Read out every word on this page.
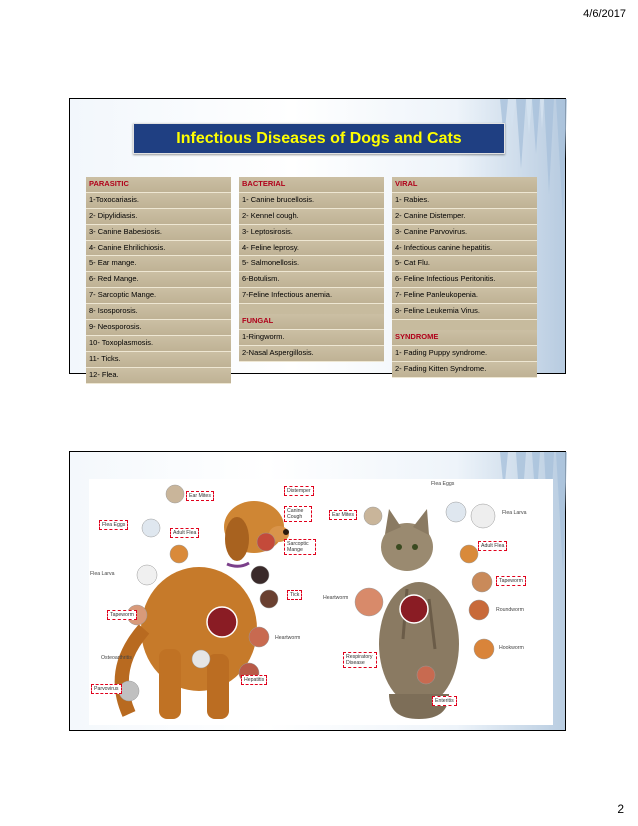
4/6/2017
Infectious Diseases of Dogs and Cats
PARASITIC
1-Toxocariasis.
2- Dipylidiasis.
3- Canine Babesiosis.
4- Canine Ehrilichiosis.
5- Ear mange.
6- Red Mange.
7- Sarcoptic Mange.
8- Isosporosis.
9- Neosporosis.
10- Toxoplasmosis.
11- Ticks.
12- Flea.
BACTERIAL
1- Canine brucellosis.
2- Kennel cough.
3- Leptosirosis.
4- Feline leprosy.
5- Salmonellosis.
6-Botulism.
7-Feline Infectious anemia.
FUNGAL
1-Ringworm.
2-Nasal Aspergillosis.
VIRAL
1- Rabies.
2- Canine Distemper.
3- Canine Parvovirus.
4- Infectious canine hepatitis.
5- Cat Flu.
6- Feline Infectious Peritonitis.
7- Feline Panleukopenia.
8- Feline Leukemia Virus.
SYNDROME
1- Fading Puppy syndrome.
2- Fading Kitten Syndrome.
Ear Mites
Distemper
Canine Cough
Flea Eggs
Adult Flea
Sarcoptic Mange
Flea Larva
Tick
Tapeworm
Heartworm
Osteoarthritis
Hepatitis
Parvovirus
Ear Mites
Flea Eggs
Flea Larva
Adult Flea
Tapeworm
Heartworm
Roundworm
Hookworm
Respiratory Disease
Enteritis
2
